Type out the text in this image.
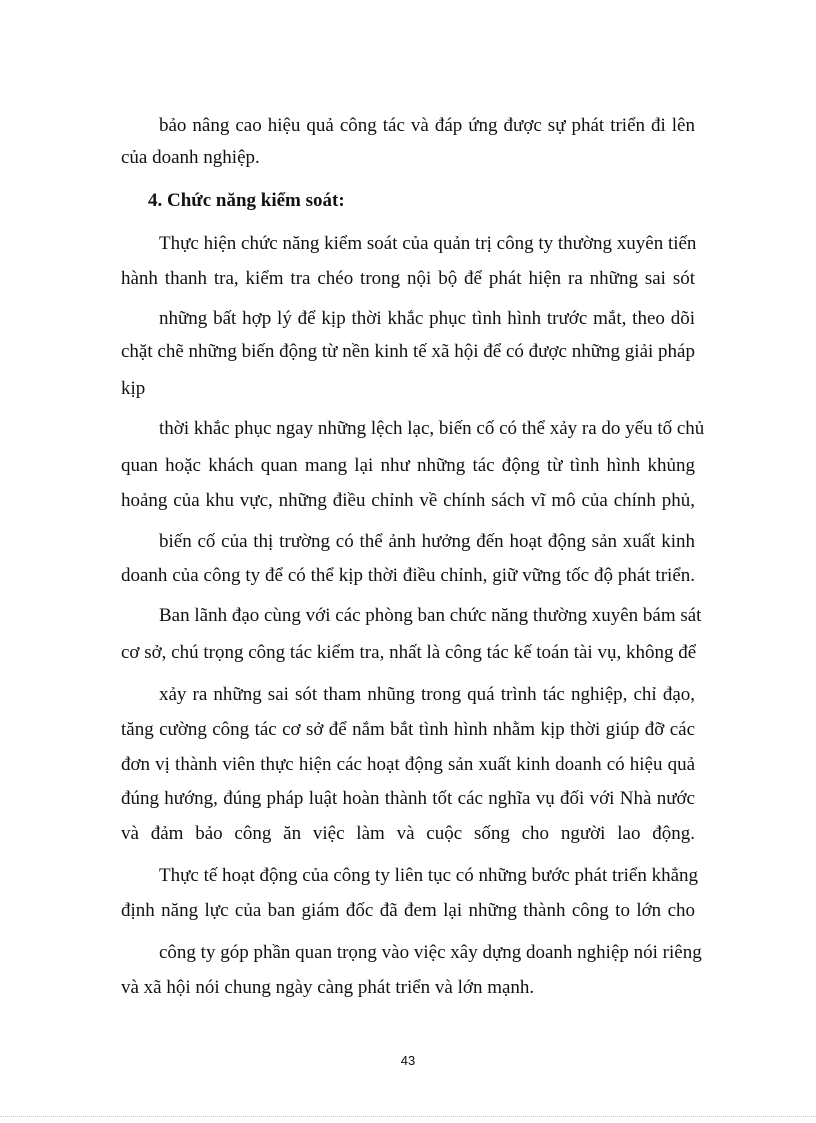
bảo nâng cao hiệu quả công tác và đáp ứng được sự phát triển đi lên
của doanh nghiệp.
4. Chức năng kiểm soát:
Thực hiện chức năng kiểm soát của quản trị công ty thường xuyên tiến
hành thanh tra, kiểm tra chéo trong nội bộ để phát hiện ra những sai sót
những bất hợp lý để kịp thời khắc phục tình hình trước mắt, theo dõi
chặt chẽ những biến động từ nền kinh tế xã hội để có được những giải pháp
kịp
thời khắc phục ngay những lệch lạc, biến cố có thể xảy ra do yếu tố chủ
quan hoặc khách quan mang lại như những tác động từ tình hình khủng
hoảng của khu vực, những điều chỉnh về chính sách vĩ mô của chính phủ,
biến cố của thị trường có thể ảnh hưởng đến hoạt động sản xuất kinh
doanh của công ty để có thể kịp thời điều chỉnh, giữ vững tốc độ phát triển.
Ban lãnh đạo cùng với các phòng ban chức năng thường xuyên bám sát
cơ sở, chú trọng công tác kiểm tra, nhất là công tác kế toán tài vụ, không để
xảy ra những sai sót tham nhũng trong quá trình tác nghiệp, chỉ đạo,
tăng cường công tác cơ sở để nắm bắt tình hình nhằm kịp thời giúp đỡ các
đơn vị thành viên thực hiện các hoạt động sản xuất kinh doanh có hiệu quả
đúng hướng, đúng pháp luật hoàn thành tốt các nghĩa vụ đối với Nhà nước
và đảm bảo công ăn việc làm và cuộc sống cho người lao động.
Thực tế hoạt động của công ty liên tục có những bước phát triển khẳng
định năng lực của ban giám đốc đã đem lại những thành công to lớn cho
công ty góp phần quan trọng vào việc xây dựng doanh nghiệp nói riêng
và xã hội nói chung ngày càng phát triển và lớn mạnh.
43
